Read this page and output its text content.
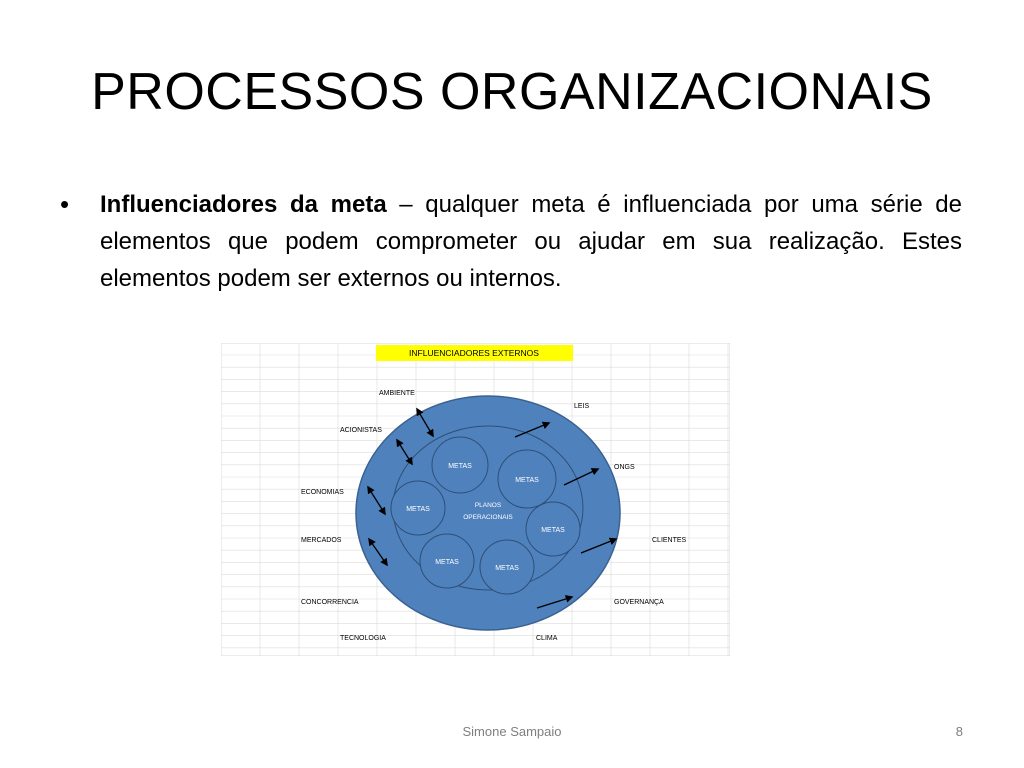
PROCESSOS ORGANIZACIONAIS
• Influenciadores da meta – qualquer meta é influenciada por uma série de elementos que podem comprometer ou ajudar em sua realização. Estes elementos podem ser externos ou internos.
INFLUENCIADORES EXTERNOS
PLANOS
OPERACIONAIS
METAS
METAS
METAS
METAS
METAS
METAS
AMBIENTE
ACIONISTAS
ECONOMIAS
MERCADOS
CONCORRENCIA
TECNOLOGIA
LEIS
ONGS
CLIENTES
GOVERNANÇA
CLIMA
Simone Sampaio	8
